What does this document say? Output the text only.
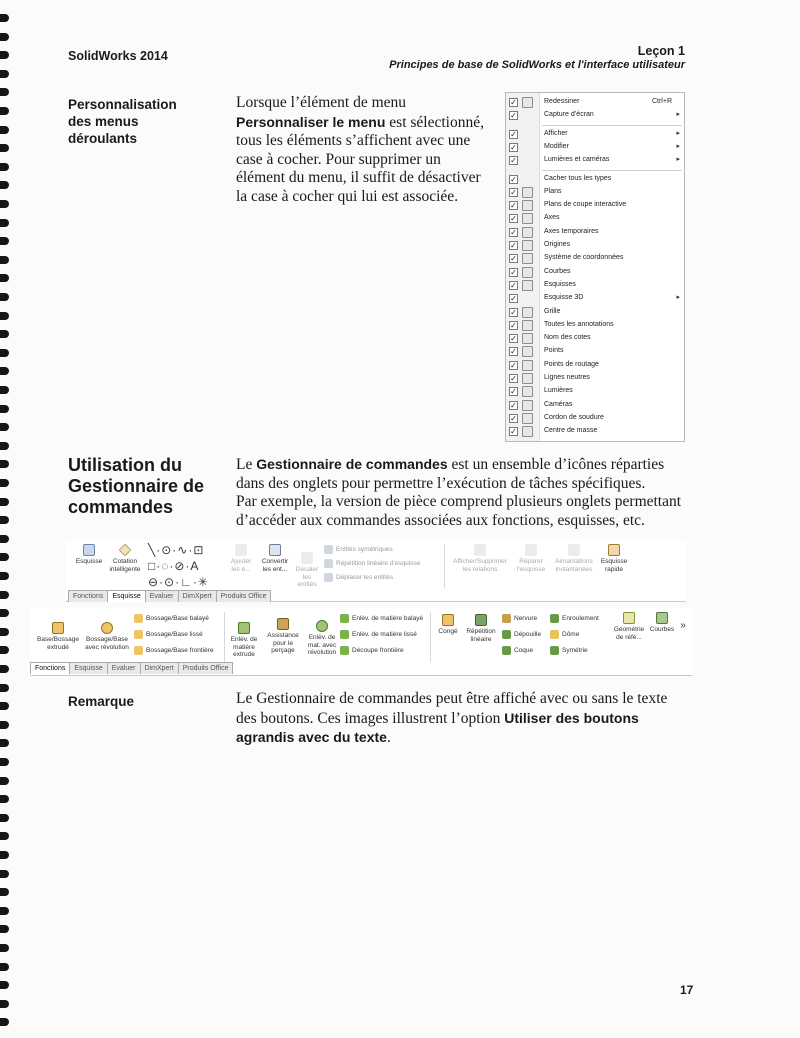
SolidWorks 2014	Leçon 1
Principes de base de SolidWorks et l'interface utilisateur
Personnalisation
des menus
déroulants
Lorsque l’élément de menu
Personnaliser le menu est sélectionné,
tous les éléments s’affichent avec une
case à cocher. Pour supprimer un
élément du menu, il suffit de désactiver
la case à cocher qui lui est associée.
✓	Redessiner	Ctrl+R
✓	Capture d’écran	▸
✓	Afficher	▸
✓	Modifier	▸
✓	Lumières et caméras	▸
✓	Cacher tous les types
✓	Plans
✓	Plans de coupe interactive
✓	Axes
✓	Axes temporaires
✓	Origines
✓	Système de coordonnées
✓	Courbes
✓	Esquisses
✓	Esquisse 3D	▸
✓	Grille
✓	Toutes les annotations
✓	Nom des cotes
✓	Points
✓	Points de routage
✓	Lignes neutres
✓	Lumières
✓	Caméras
✓	Cordon de soudure
✓	Centre de masse
Utilisation du
Gestionnaire de
commandes
Le Gestionnaire de commandes est un ensemble d’icônes réparties
dans des onglets pour permettre l’exécution de tâches spécifiques.
Par exemple, la version de pièce comprend plusieurs onglets permettant
d’accéder aux commandes associées aux fonctions, esquisses, etc.
Esquisse	Cotation intelligente
╲·⊙·∿·⊡
□·◌·⊘·A
⊖·⊙·∟·✳
Ajuster les e...
Convertir les ent...	Décaler les entités
Entités symétriques
Répétition linéaire d'esquisse
Déplacer les entités
Afficher/Supprimer les relations
Réparer l'esquisse
Aimantations instantanées
Esquisse rapide
Fonctions	Esquisse	Evaluer	DimXpert	Produits Office
Base/Bossage extrudé
Bossage/Base avec révolution
Bossage/Base balayé
Bossage/Base lissé
Bossage/Base frontière
Enlèv. de matière extrude
Assistance pour le perçage
Enlèv. de mat. avec révolution
Enlèv. de matière balayé
Enlèv. de matière lissé
Découpe frontière
Congé	Répétition linéaire
Nervure
Dépouille
Coque
Enroulement
Dôme
Symétrie
Géométrie de réfé...
Courbes »
Fonctions	Esquisse	Evaluer	DimXpert	Produits Office
Remarque	Le Gestionnaire de commandes peut être affiché avec ou sans le texte
des boutons. Ces images illustrent l’option Utiliser des boutons
agrandis avec du texte.
17
